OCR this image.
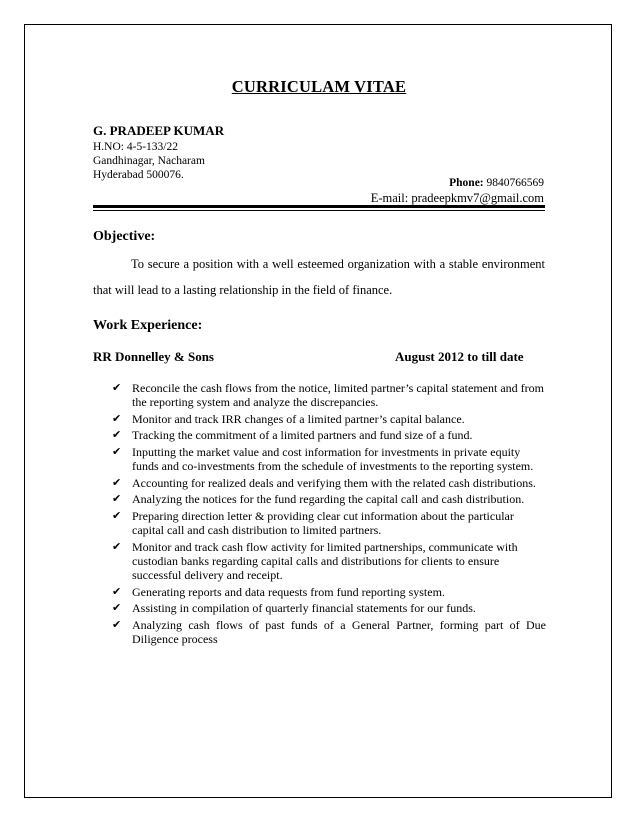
CURRICULAM VITAE
G. PRADEEP KUMAR
H.NO: 4-5-133/22
Gandhinagar, Nacharam
Hyderabad 500076.
Phone: 9840766569
E-mail: pradeepkmv7@gmail.com
Objective:
To secure a position with a well esteemed organization with a stable environment that will lead to a lasting relationship in the field of finance.
Work Experience:
RR Donnelley & Sons	August 2012 to till date
✔ Reconcile the cash flows from the notice, limited partner’s capital statement and from the reporting system and analyze the discrepancies.
✔ Monitor and track IRR changes of a limited partner’s capital balance.
✔ Tracking the commitment of a limited partners and fund size of a fund.
✔ Inputting the market value and cost information for investments in private equity funds and co-investments from the schedule of investments to the reporting system.
✔ Accounting for realized deals and verifying them with the related cash distributions.
✔ Analyzing the notices for the fund regarding the capital call and cash distribution.
✔ Preparing direction letter & providing clear cut information about the particular capital call and cash distribution to limited partners.
✔ Monitor and track cash flow activity for limited partnerships, communicate with custodian banks regarding capital calls and distributions for clients to ensure successful delivery and receipt.
✔ Generating reports and data requests from fund reporting system.
✔ Assisting in compilation of quarterly financial statements for our funds.
✔ Analyzing cash flows of past funds of a General Partner, forming part of Due Diligence process
